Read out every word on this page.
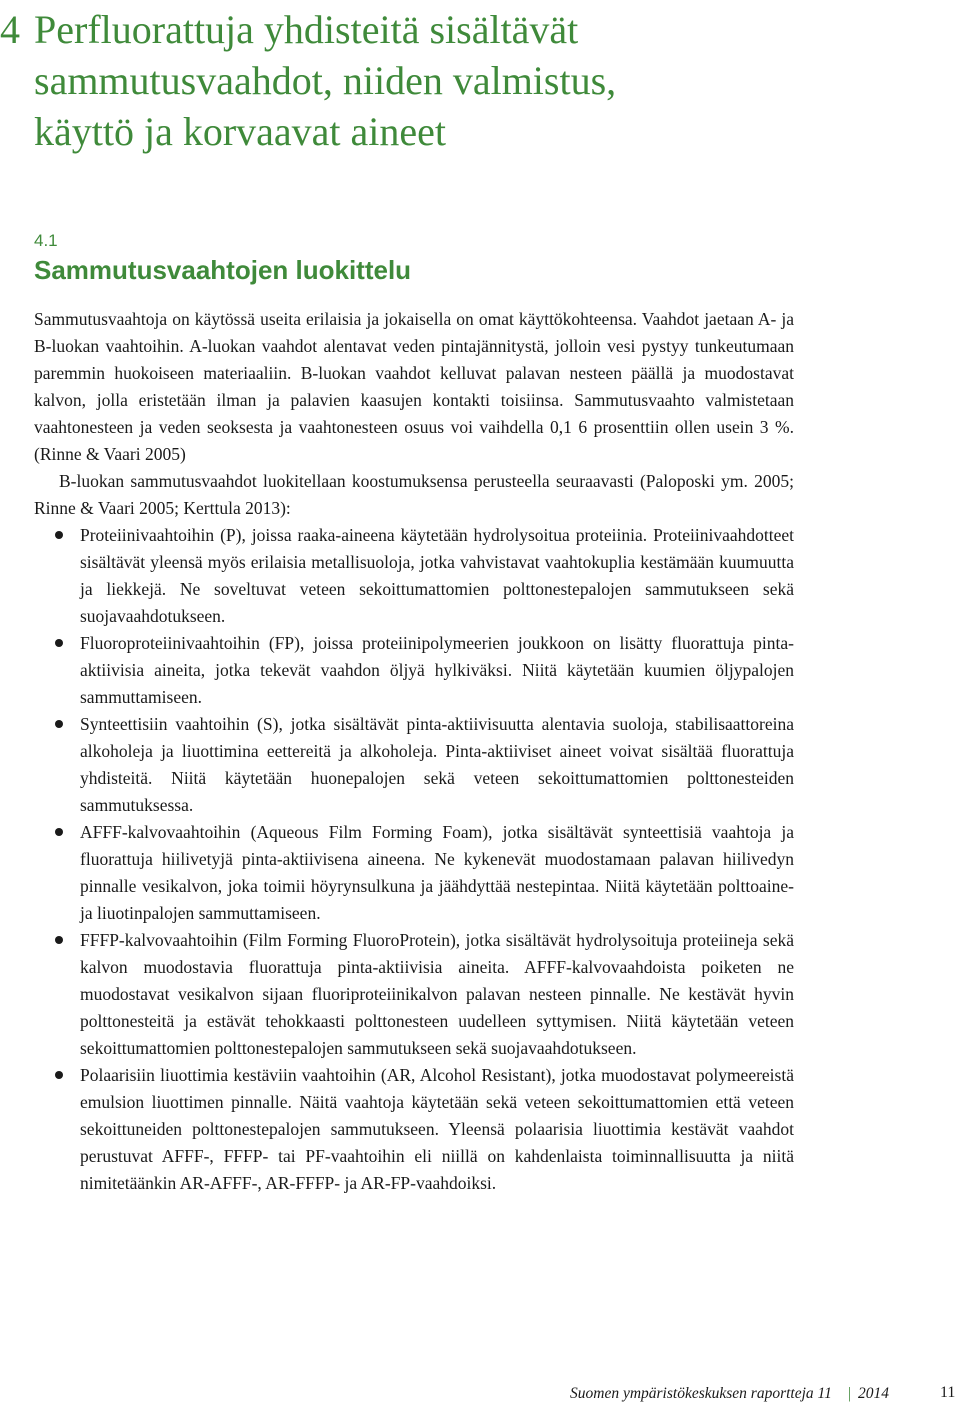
4 Perfluorattuja yhdisteitä sisältävät
sammutusvaahdot, niiden valmistus,
käyttö ja korvaavat aineet
4.1
Sammutusvaahtojen luokittelu

Sammutusvaahtoja on käytössä useita erilaisia ja jokaisella on omat käyttökohteensa. Vaahdot jaetaan A- ja B-luokan vaahtoihin. A-luokan vaahdot alentavat veden pintajännitystä, jolloin vesi pystyy tunkeutumaan paremmin huokoiseen materiaaliin. B-luokan vaahdot kelluvat palavan nesteen päällä ja muodostavat kalvon, jolla eristetään ilman ja palavien kaasujen kontakti toisiinsa. Sammutusvaahto valmistetaan vaahtonesteen ja veden seoksesta ja vaahtonesteen osuus voi vaihdella 0,1 6 prosenttiin ollen usein 3 %. (Rinne & Vaari 2005)

B-luokan sammutusvaahdot luokitellaan koostumuksensa perusteella seuraavasti (Paloposki ym. 2005; Rinne & Vaari 2005; Kerttula 2013):

Proteiinivaahtoihin (P), joissa raaka-aineena käytetään hydrolysoitua proteiinia. Proteiinivaahdotteet sisältävät yleensä myös erilaisia metallisuoloja, jotka vahvistavat vaahtokuplia kestämään kuumuutta ja liekkejä. Ne soveltuvat veteen sekoittumattomien polttonestepalojen sammutukseen sekä suojavaahdotukseen.
Fluoroproteiinivaahtoihin (FP), joissa proteiinipolymeerien joukkoon on lisätty fluorattuja pinta-aktiivisia aineita, jotka tekevät vaahdon öljyä hylkiväksi. Niitä käytetään kuumien öljypalojen sammuttamiseen.
Synteettisiin vaahtoihin (S), jotka sisältävät pinta-aktiivisuutta alentavia suoloja, stabilisaattoreina alkoholeja ja liuottimina eettereitä ja alkoholeja. Pinta-aktiiviset aineet voivat sisältää fluorattuja yhdisteitä. Niitä käytetään huonepalojen sekä veteen sekoittumattomien polttonesteiden sammutuksessa.
AFFF-kalvovaahtoihin (Aqueous Film Forming Foam), jotka sisältävät synteettisiä vaahtoja ja fluorattuja hiilivetyjä pinta-aktiivisena aineena. Ne kykenevät muodostamaan palavan hiilivedyn pinnalle vesikalvon, joka toimii höyrynsulkuna ja jäähdyttää nestepintaa. Niitä käytetään polttoaine- ja liuotinpalojen sammuttamiseen.
FFFP-kalvovaahtoihin (Film Forming FluoroProtein), jotka sisältävät hydrolysoituja proteiineja sekä kalvon muodostavia fluorattuja pinta-aktiivisia aineita. AFFF-kalvovaahdoista poiketen ne muodostavat vesikalvon sijaan fluoriproteiinikalvon palavan nesteen pinnalle. Ne kestävät hyvin polttonesteitä ja estävät tehokkaasti polttonesteen uudelleen syttymisen. Niitä käytetään veteen sekoittumattomien polttonestepalojen sammutukseen sekä suojavaahdotukseen.
Polaarisiin liuottimia kestäviin vaahtoihin (AR, Alcohol Resistant), jotka muodostavat polymeereistä emulsion liuottimen pinnalle. Näitä vaahtoja käytetään sekä veteen sekoittumattomien että veteen sekoittuneiden polttonestepalojen sammutukseen. Yleensä polaarisia liuottimia kestävät vaahdot perustuvat AFFF-, FFFP- tai PF-vaahtoihin eli niillä on kahdenlaista toiminnallisuutta ja niitä nimitetäänkin AR-AFFF-, AR-FFFP- ja AR-FP-vaahdoiksi.
Suomen ympäristökeskuksen raportteja 11 | 2014	11
